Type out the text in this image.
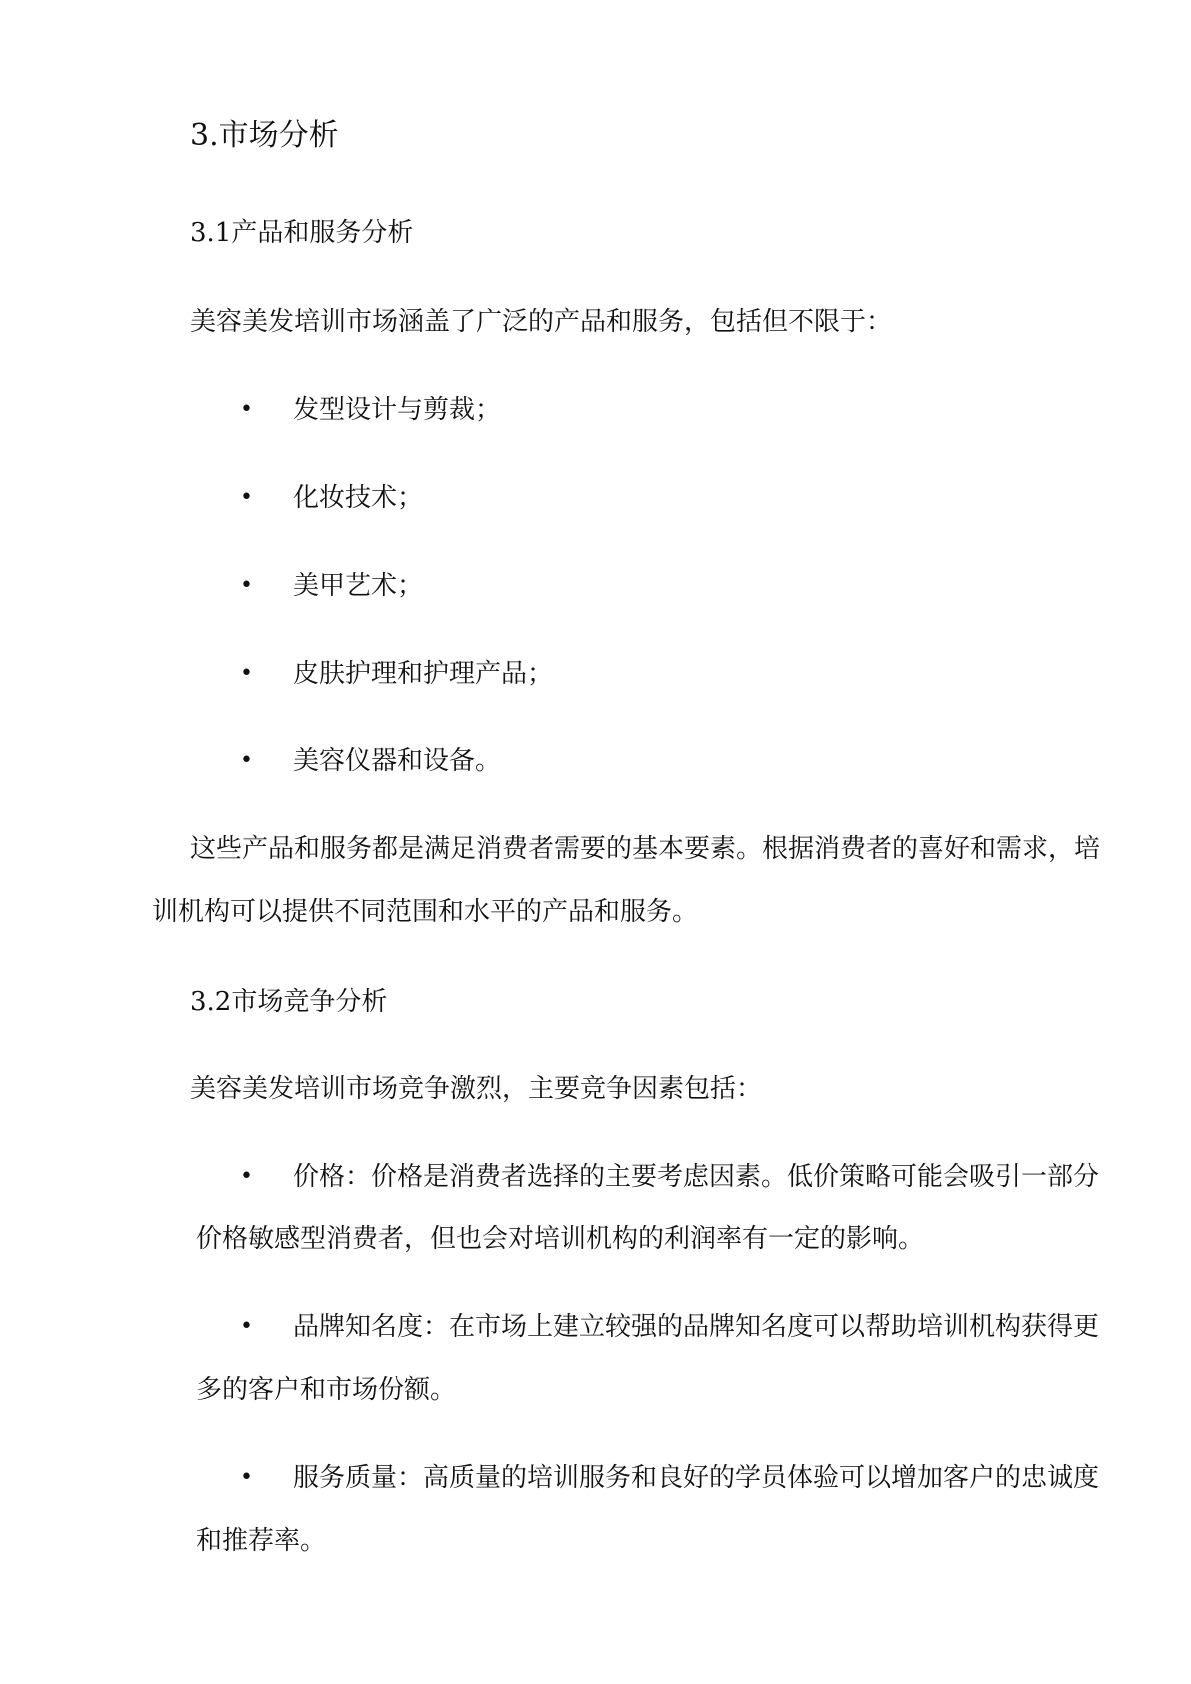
3.市场分析
3.1产品和服务分析
美容美发培训市场涵盖了广泛的产品和服务，包括但不限于：
• 发型设计与剪裁；
• 化妆技术；
• 美甲艺术；
• 皮肤护理和护理产品；
• 美容仪器和设备。
这些产品和服务都是满足消费者需要的基本要素。根据消费者的喜好和需求，培
训机构可以提供不同范围和水平的产品和服务。
3.2市场竞争分析
美容美发培训市场竞争激烈，主要竞争因素包括：
• 价格：价格是消费者选择的主要考虑因素。低价策略可能会吸引一部分
价格敏感型消费者，但也会对培训机构的利润率有一定的影响。
• 品牌知名度：在市场上建立较强的品牌知名度可以帮助培训机构获得更
多的客户和市场份额。
• 服务质量：高质量的培训服务和良好的学员体验可以增加客户的忠诚度
和推荐率。
